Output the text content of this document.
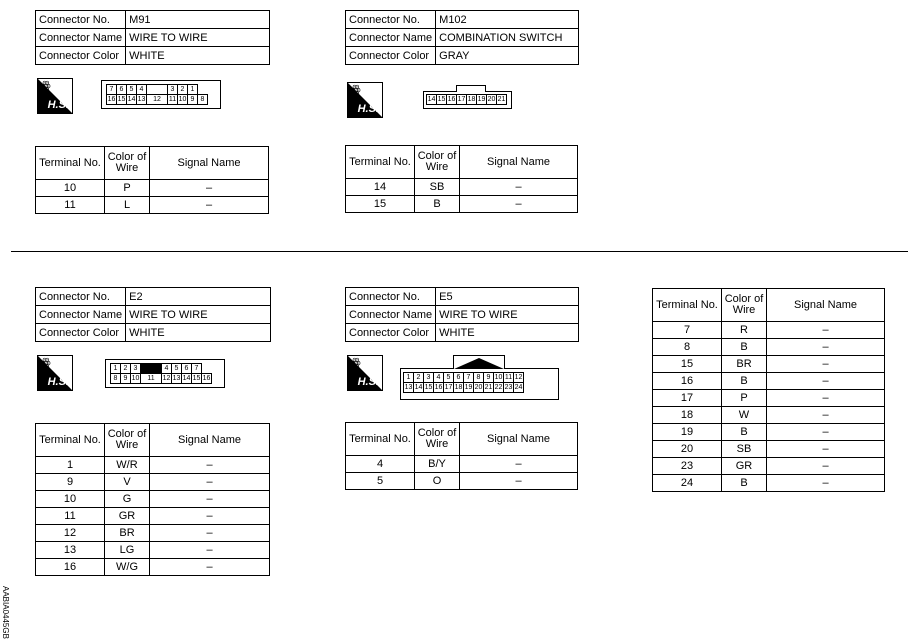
Connector No.	M91
Connector Name	WIRE TO WIRE
Connector Color	WHITE
ꙮ
H.S.
7	6	5	4		3	2	1	
16	15	14	13	12	11	10	9	8
Terminal No.	Color of Wire	Signal Name
10	P	–
11	L	–
Connector No.	M102
Connector Name	COMBINATION SWITCH
Connector Color	GRAY
ꙮ
H.S.
14	15	16	17	18	19	20	21
Terminal No.	Color of Wire	Signal Name
14	SB	–
15	B	–
Connector No.	E2
Connector Name	WIRE TO WIRE
Connector Color	WHITE
ꙮ
H.S.
1	2	3		4	5	6	7	
8	9	10	11	12	13	14	15	16
Terminal No.	Color of Wire	Signal Name
1	W/R	–
9	V	–
10	G	–
11	GR	–
12	BR	–
13	LG	–
16	W/G	–
Connector No.	E5
Connector Name	WIRE TO WIRE
Connector Color	WHITE
ꙮ
H.S.	1	2	3	4	5	6	7	8	9	10	11	12
13	14	15	16	17	18	19	20	21	22	23	24
Terminal No.	Color of Wire	Signal Name
4	B/Y	–
5	O	–
Terminal No.	Color of Wire	Signal Name
7	R	–
8	B	–
15	BR	–
16	B	–
17	P	–
18	W	–
19	B	–
20	SB	–
23	GR	–
24	B	–
AABIA0445GB
